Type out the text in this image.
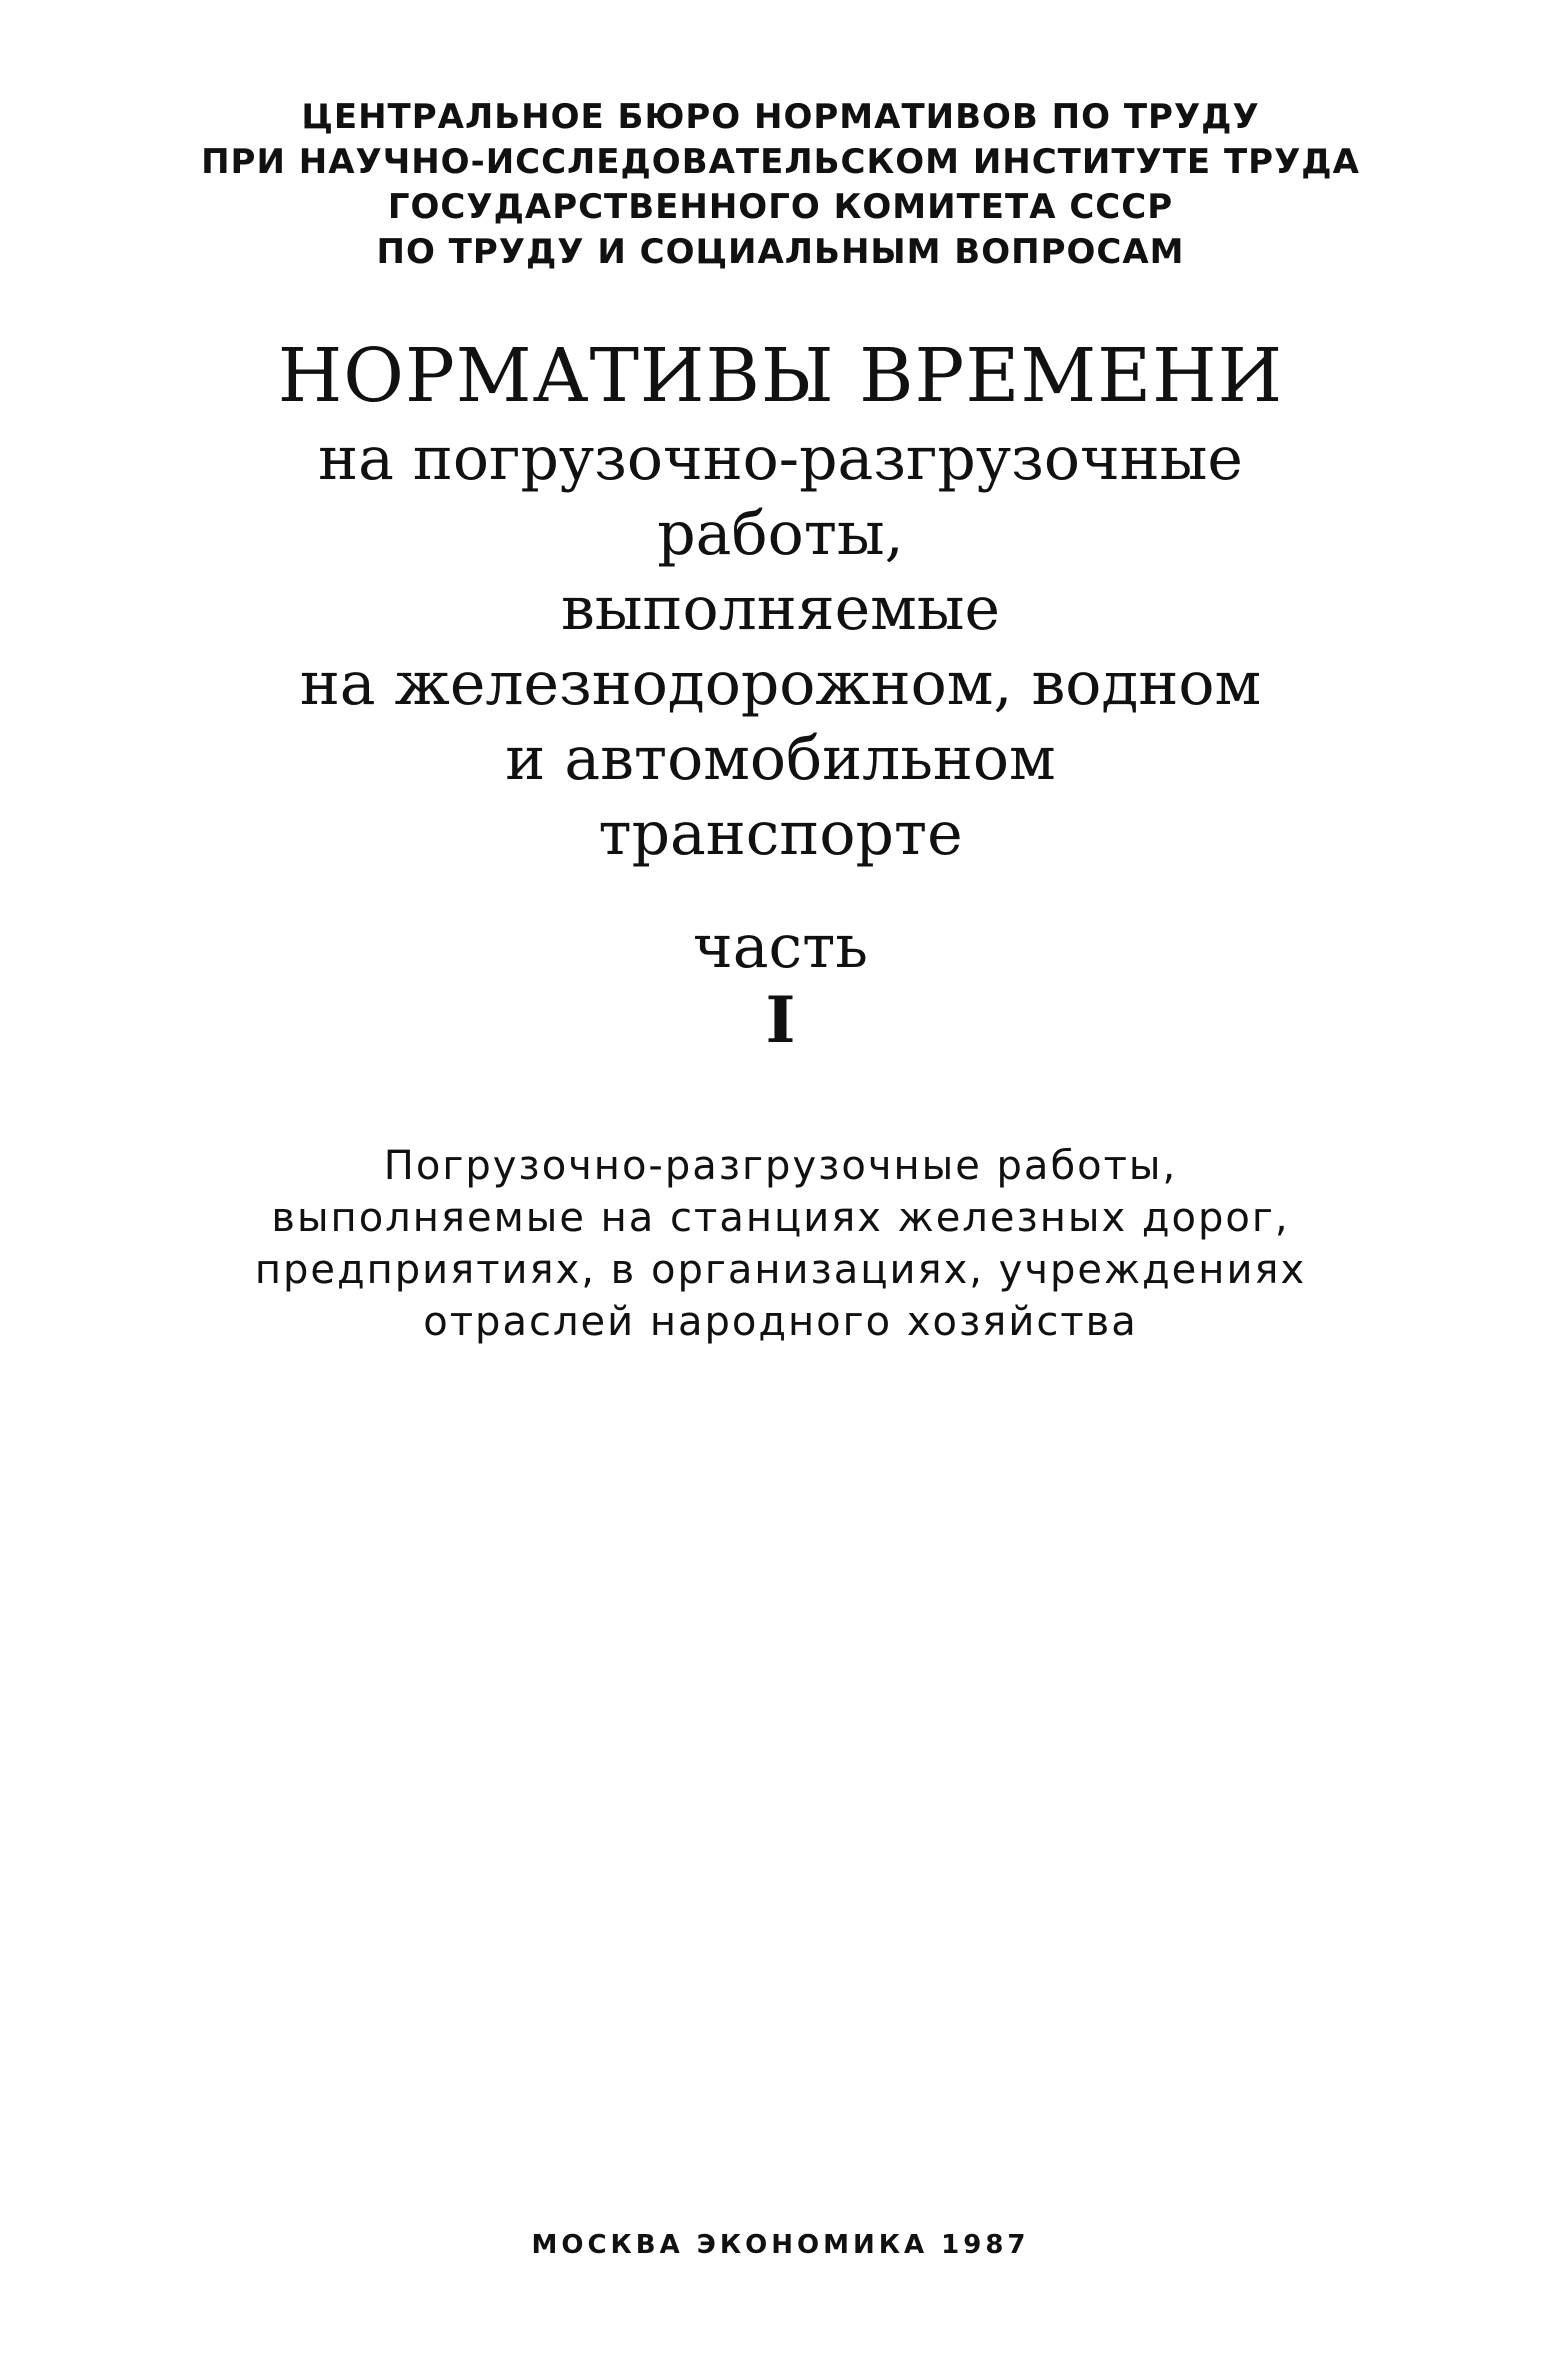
ЦЕНТРАЛЬНОЕ БЮРО НОРМАТИВОВ ПО ТРУДУ
ПРИ НАУЧНО-ИССЛЕДОВАТЕЛЬСКОМ ИНСТИТУТЕ ТРУДА
ГОСУДАРСТВЕННОГО КОМИТЕТА СССР
ПО ТРУДУ И СОЦИАЛЬНЫМ ВОПРОСАМ
НОРМАТИВЫ ВРЕМЕНИ
на погрузочно-разгрузочные
работы,
выполняемые
на железнодорожном, водном
и автомобильном
транспорте
часть
I
Погрузочно-разгрузочные работы,
выполняемые на станциях железных дорог,
предприятиях, в организациях, учреждениях
отраслей народного хозяйства
МОСКВА ЭКОНОМИКА 1987
